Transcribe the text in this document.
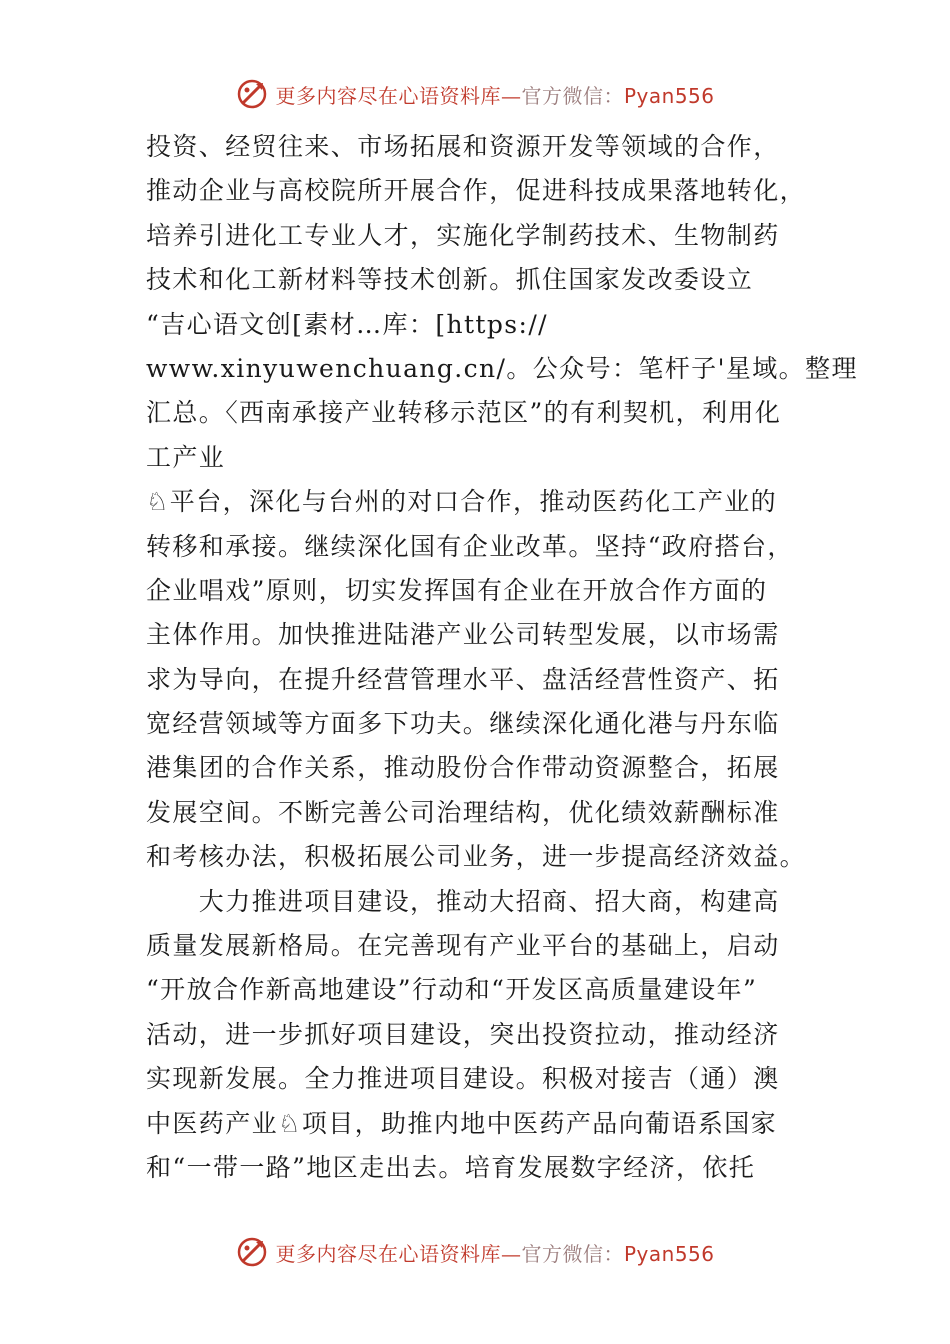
更多内容尽在心语资料库—官方微信：Pyan556
投资、经贸往来、市场拓展和资源开发等领域的合作，
推动企业与高校院所开展合作，促进科技成果落地转化，
培养引进化工专业人才，实施化学制药技术、生物制药
技术和化工新材料等技术创新。抓住国家发改委设立
“吉心语文创[素材…库：[https://
www.xinyuwenchuang.cn/。公众号：笔杆子'星域。整理
汇总。〈西南承接产业转移示范区”的有利契机，利用化
工产业
♘平台，深化与台州的对口合作，推动医药化工产业的
转移和承接。继续深化国有企业改革。坚持“政府搭台，
企业唱戏”原则，切实发挥国有企业在开放合作方面的
主体作用。加快推进陆港产业公司转型发展，以市场需
求为导向，在提升经营管理水平、盘活经营性资产、拓
宽经营领域等方面多下功夫。继续深化通化港与丹东临
港集团的合作关系，推动股份合作带动资源整合，拓展
发展空间。不断完善公司治理结构，优化绩效薪酬标准
和考核办法，积极拓展公司业务，进一步提高经济效益。
　　大力推进项目建设，推动大招商、招大商，构建高
质量发展新格局。在完善现有产业平台的基础上，启动
“开放合作新高地建设”行动和“开发区高质量建设年”
活动，进一步抓好项目建设，突出投资拉动，推动经济
实现新发展。全力推进项目建设。积极对接吉（通）澳
中医药产业♘项目，助推内地中医药产品向葡语系国家
和“一带一路”地区走出去。培育发展数字经济，依托
更多内容尽在心语资料库—官方微信：Pyan556
